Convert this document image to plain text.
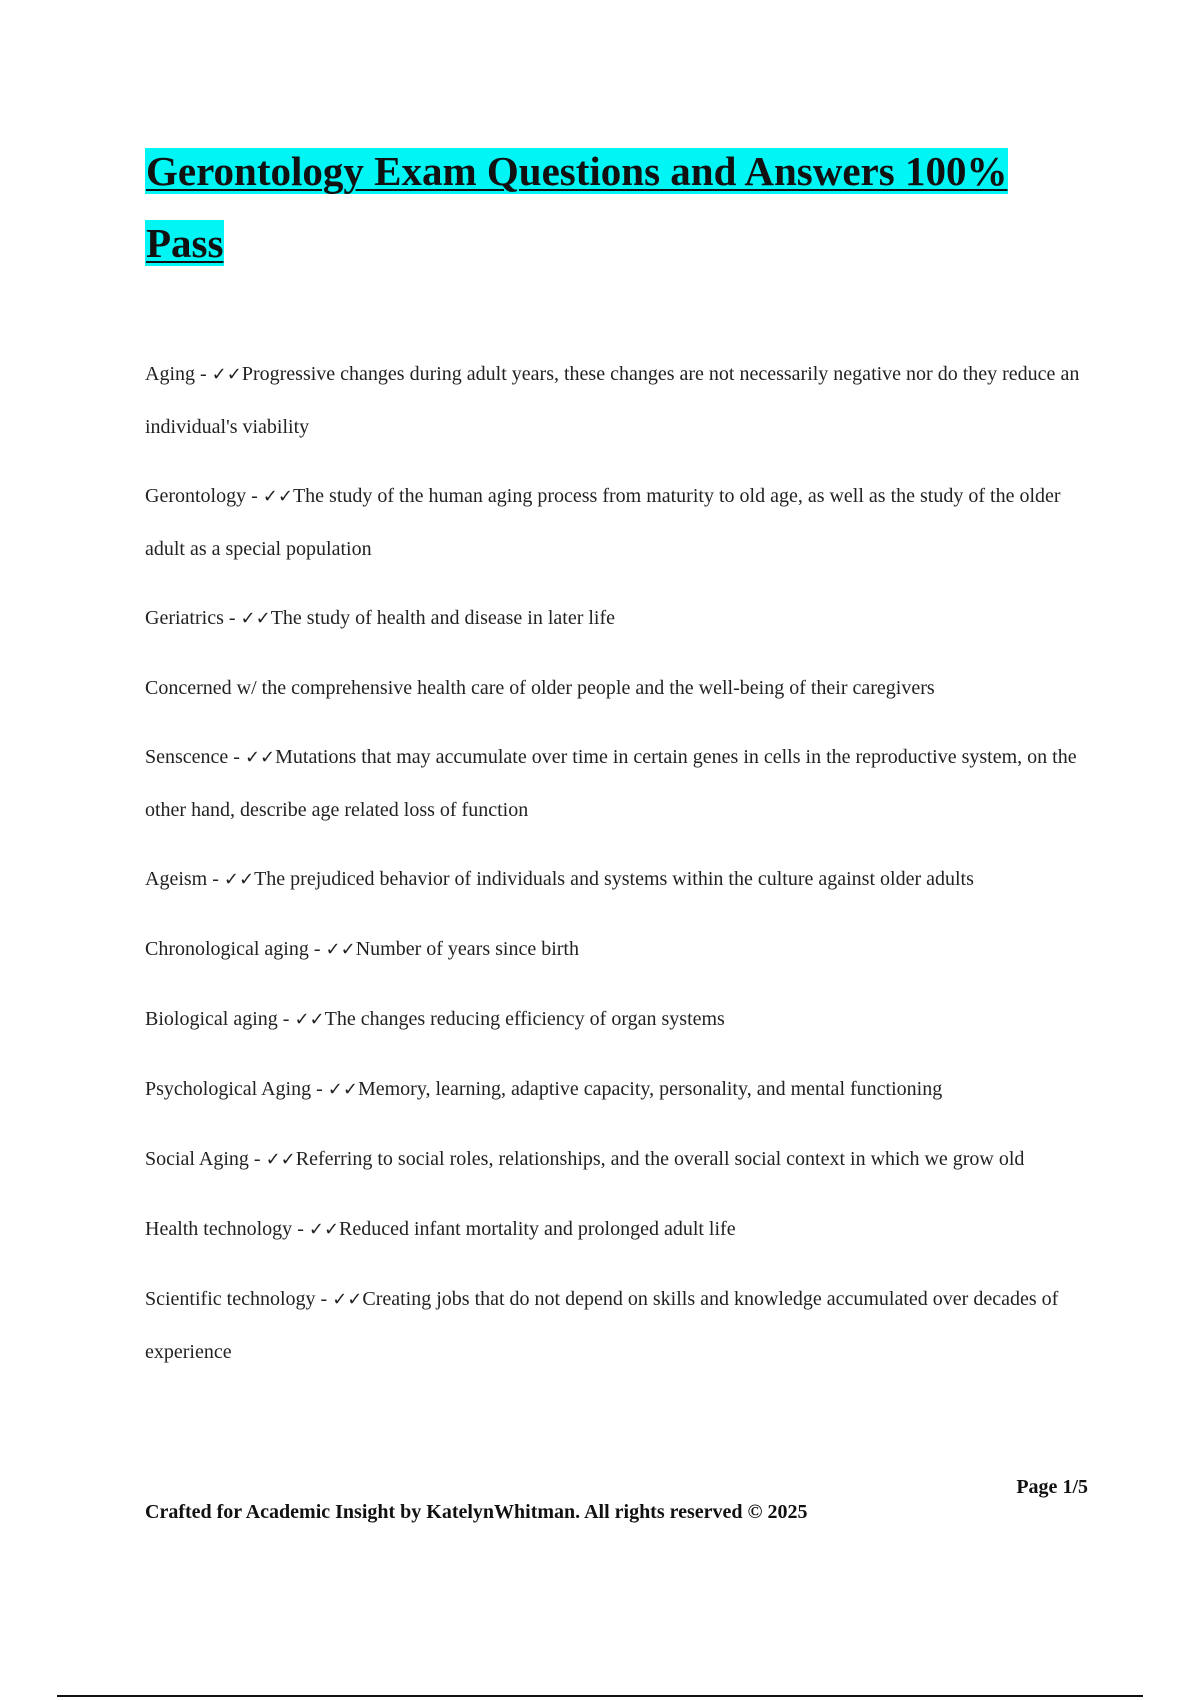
Gerontology Exam Questions and Answers 100%
Pass
Aging - ✓✓Progressive changes during adult years, these changes are not necessarily negative nor do they reduce an individual's viability
Gerontology - ✓✓The study of the human aging process from maturity to old age, as well as the study of the older adult as a special population
Geriatrics - ✓✓The study of health and disease in later life
Concerned w/ the comprehensive health care of older people and the well-being of their caregivers
Senscence - ✓✓Mutations that may accumulate over time in certain genes in cells in the reproductive system, on the other hand, describe age related loss of function
Ageism - ✓✓The prejudiced behavior of individuals and systems within the culture against older adults
Chronological aging - ✓✓Number of years since birth
Biological aging - ✓✓The changes reducing efficiency of organ systems
Psychological Aging - ✓✓Memory, learning, adaptive capacity, personality, and mental functioning
Social Aging - ✓✓Referring to social roles, relationships, and the overall social context in which we grow old
Health technology - ✓✓Reduced infant mortality and prolonged adult life
Scientific technology - ✓✓Creating jobs that do not depend on skills and knowledge accumulated over decades of experience
Page 1/5
Crafted for Academic Insight by KatelynWhitman. All rights reserved © 2025
